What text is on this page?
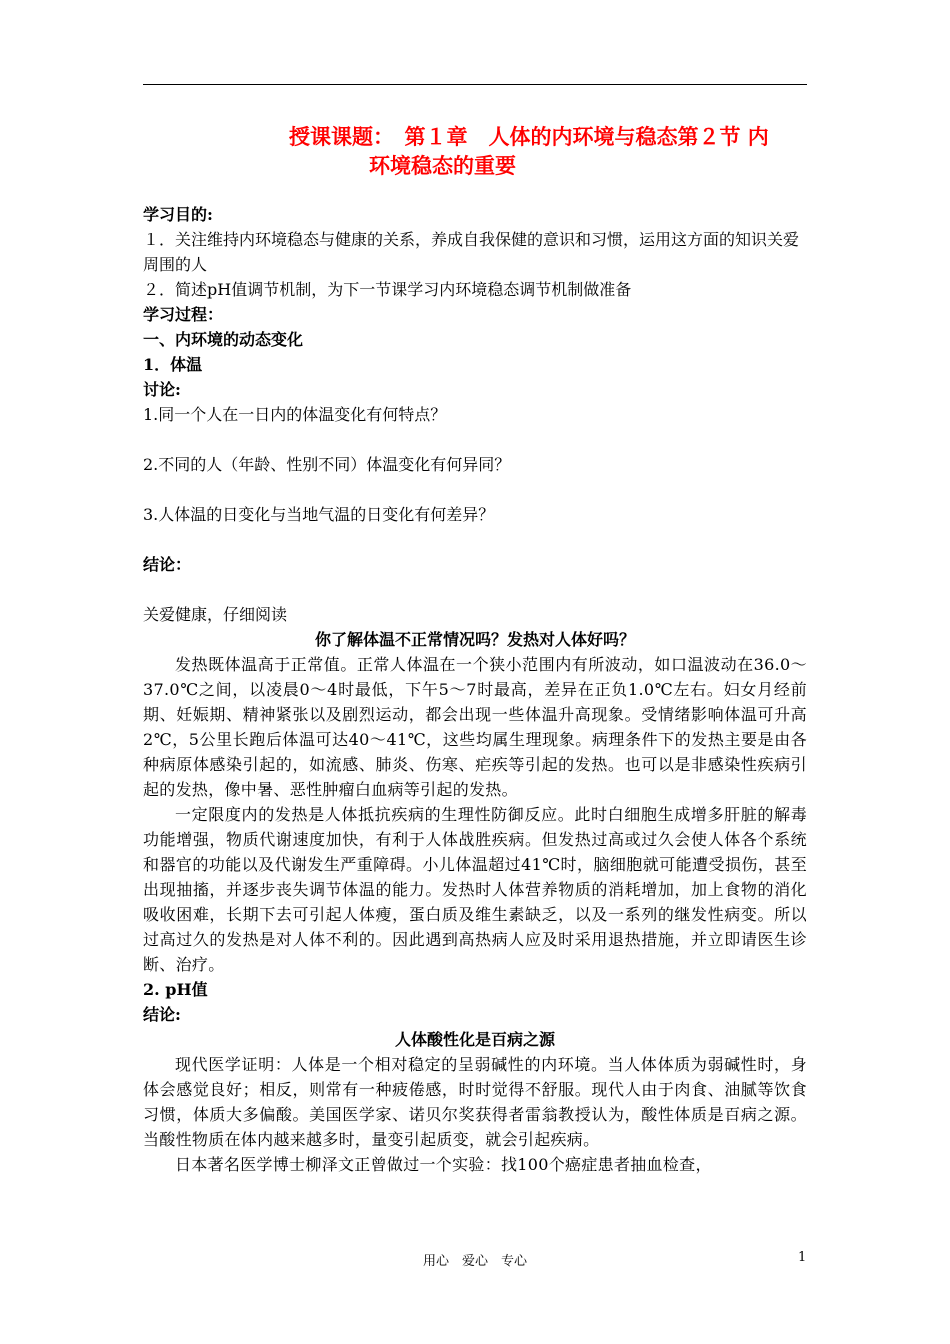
授课课题：　第１章　人体的内环境与稳态第２节 内
环境稳态的重要

学习目的:

１．关注维持内环境稳态与健康的关系，养成自我保健的意识和习惯，运用这方面的知识关爱周围的人

２．简述pH值调节机制，为下一节课学习内环境稳态调节机制做准备

学习过程：

一、内环境的动态变化

1．体温

讨论:

1.同一个人在一日内的体温变化有何特点？

2.不同的人（年龄、性别不同）体温变化有何异同？

3.人体温的日变化与当地气温的日变化有何差异？

结论：

关爱健康，仔细阅读

你了解体温不正常情况吗？发热对人体好吗？

发热既体温高于正常值。正常人体温在一个狭小范围内有所波动，如口温波动在36.0～37.0℃之间，以凌晨0～4时最低，下午5～7时最高，差异在正负1.0℃左右。妇女月经前期、妊娠期、精神紧张以及剧烈运动，都会出现一些体温升高现象。受情绪影响体温可升高2℃，5公里长跑后体温可达40～41℃，这些均属生理现象。病理条件下的发热主要是由各种病原体感染引起的，如流感、肺炎、伤寒、疟疾等引起的发热。也可以是非感染性疾病引起的发热，像中暑、恶性肿瘤白血病等引起的发热。

一定限度内的发热是人体抵抗疾病的生理性防御反应。此时白细胞生成增多肝脏的解毒功能增强，物质代谢速度加快，有利于人体战胜疾病。但发热过高或过久会使人体各个系统和器官的功能以及代谢发生严重障碍。小儿体温超过41℃时，脑细胞就可能遭受损伤，甚至出现抽搐，并逐步丧失调节体温的能力。发热时人体营养物质的消耗增加，加上食物的消化吸收困难，长期下去可引起人体瘦，蛋白质及维生素缺乏，以及一系列的继发性病变。所以过高过久的发热是对人体不利的。因此遇到高热病人应及时采用退热措施，并立即请医生诊断、治疗。

2. pH值

结论:

人体酸性化是百病之源

现代医学证明：人体是一个相对稳定的呈弱碱性的内环境。当人体体质为弱碱性时，身体会感觉良好；相反，则常有一种疲倦感，时时觉得不舒服。现代人由于肉食、油腻等饮食习惯，体质大多偏酸。美国医学家、诺贝尔奖获得者雷翁教授认为，酸性体质是百病之源。当酸性物质在体内越来越多时，量变引起质变，就会引起疾病。

日本著名医学博士柳泽文正曾做过一个实验：找100个癌症患者抽血检查，

用心　爱心　专心	1
